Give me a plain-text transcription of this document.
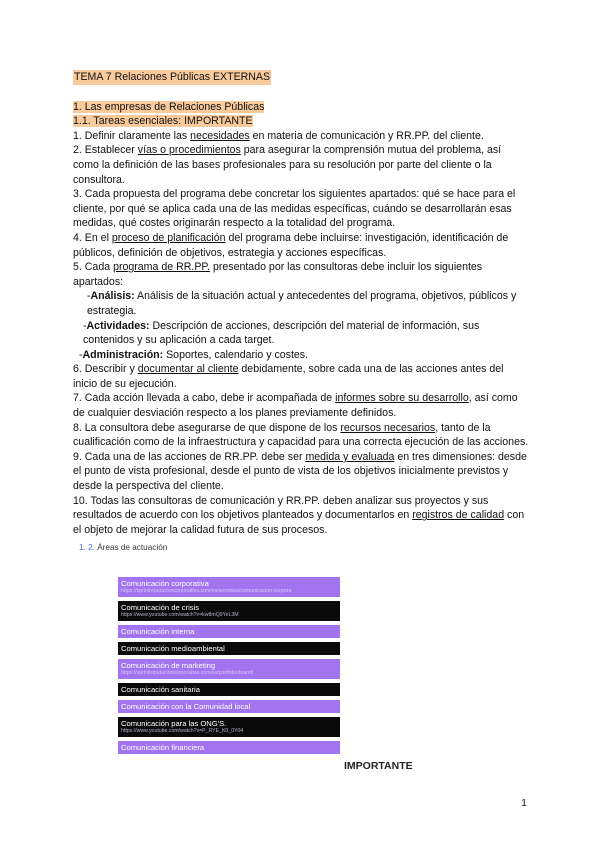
TEMA 7 Relaciones Públicas EXTERNAS
1. Las empresas de Relaciones Públicas
1.1. Tareas esenciales: IMPORTANTE

1. Definir claramente las necesidades en materia de comunicación y RR.PP. del cliente.

2. Establecer vías o procedimientos para asegurar la comprensión mutua del problema, así como la definición de las bases profesionales para su resolución por parte del cliente o la consultora.

3. Cada propuesta del programa debe concretar los siguientes apartados: qué se hace para el cliente, por qué se aplica cada una de las medidas específicas, cuándo se desarrollarán esas medidas, qué costes originarán respecto a la totalidad del programa.

4. En el proceso de planificación del programa debe incluirse: investigación, identificación de públicos, definición de objetivos, estrategia y acciones específicas.

5. Cada programa de RR.PP. presentado por las consultoras debe incluir los siguientes apartados:

-Análisis: Análisis de la situación actual y antecedentes del programa, objetivos, públicos y estrategia.

-Actividades: Descripción de acciones, descripción del material de información, sus contenidos y su aplicación a cada target.

-Administración: Soportes, calendario y costes.

6. Describir y documentar al cliente debidamente, sobre cada una de las acciones antes del inicio de su ejecución.

7. Cada acción llevada a cabo, debe ir acompañada de informes sobre su desarrollo, así como de cualquier desviación respecto a los planes previamente definidos.

8. La consultora debe asegurarse de que dispone de los recursos necesarios, tanto de la cualificación como de la infraestructura y capacidad para una correcta ejecución de las acciones.

9. Cada una de las acciones de RR.PP. debe ser medida y evaluada en tres dimensiones: desde el punto de vista profesional, desde el punto de vista de los objetivos inicialmente previstos y desde la perspectiva del cliente.

10. Todas las consultoras de comunicación y RR.PP. deben analizar sus proyectos y sus resultados de acuerdo con los objetivos planteados y documentarlos en registros de calidad con el objeto de mejorar la calidad futura de sus procesos.

1. 2. Áreas de actuación
Comunicación corporativa
https://sprintreputacioncorporativa.com/es/servicios/comunicacion-corpora
Comunicación de crisis
https://www.youtube.com/watch?v=kw8mQ9YeL3M
Comunicación interna
Comunicación medioambiental
Comunicación de marketing
https://sprintreputacioncorporativa.com/es/portfolio/brand/
Comunicación sanitaria
Comunicación con la Comunidad local
Comunicación para las ONG'S.
https://www.youtube.com/watch?v=P_RYE_K0_0Y04
Comunicación financiera
IMPORTANTE
1
